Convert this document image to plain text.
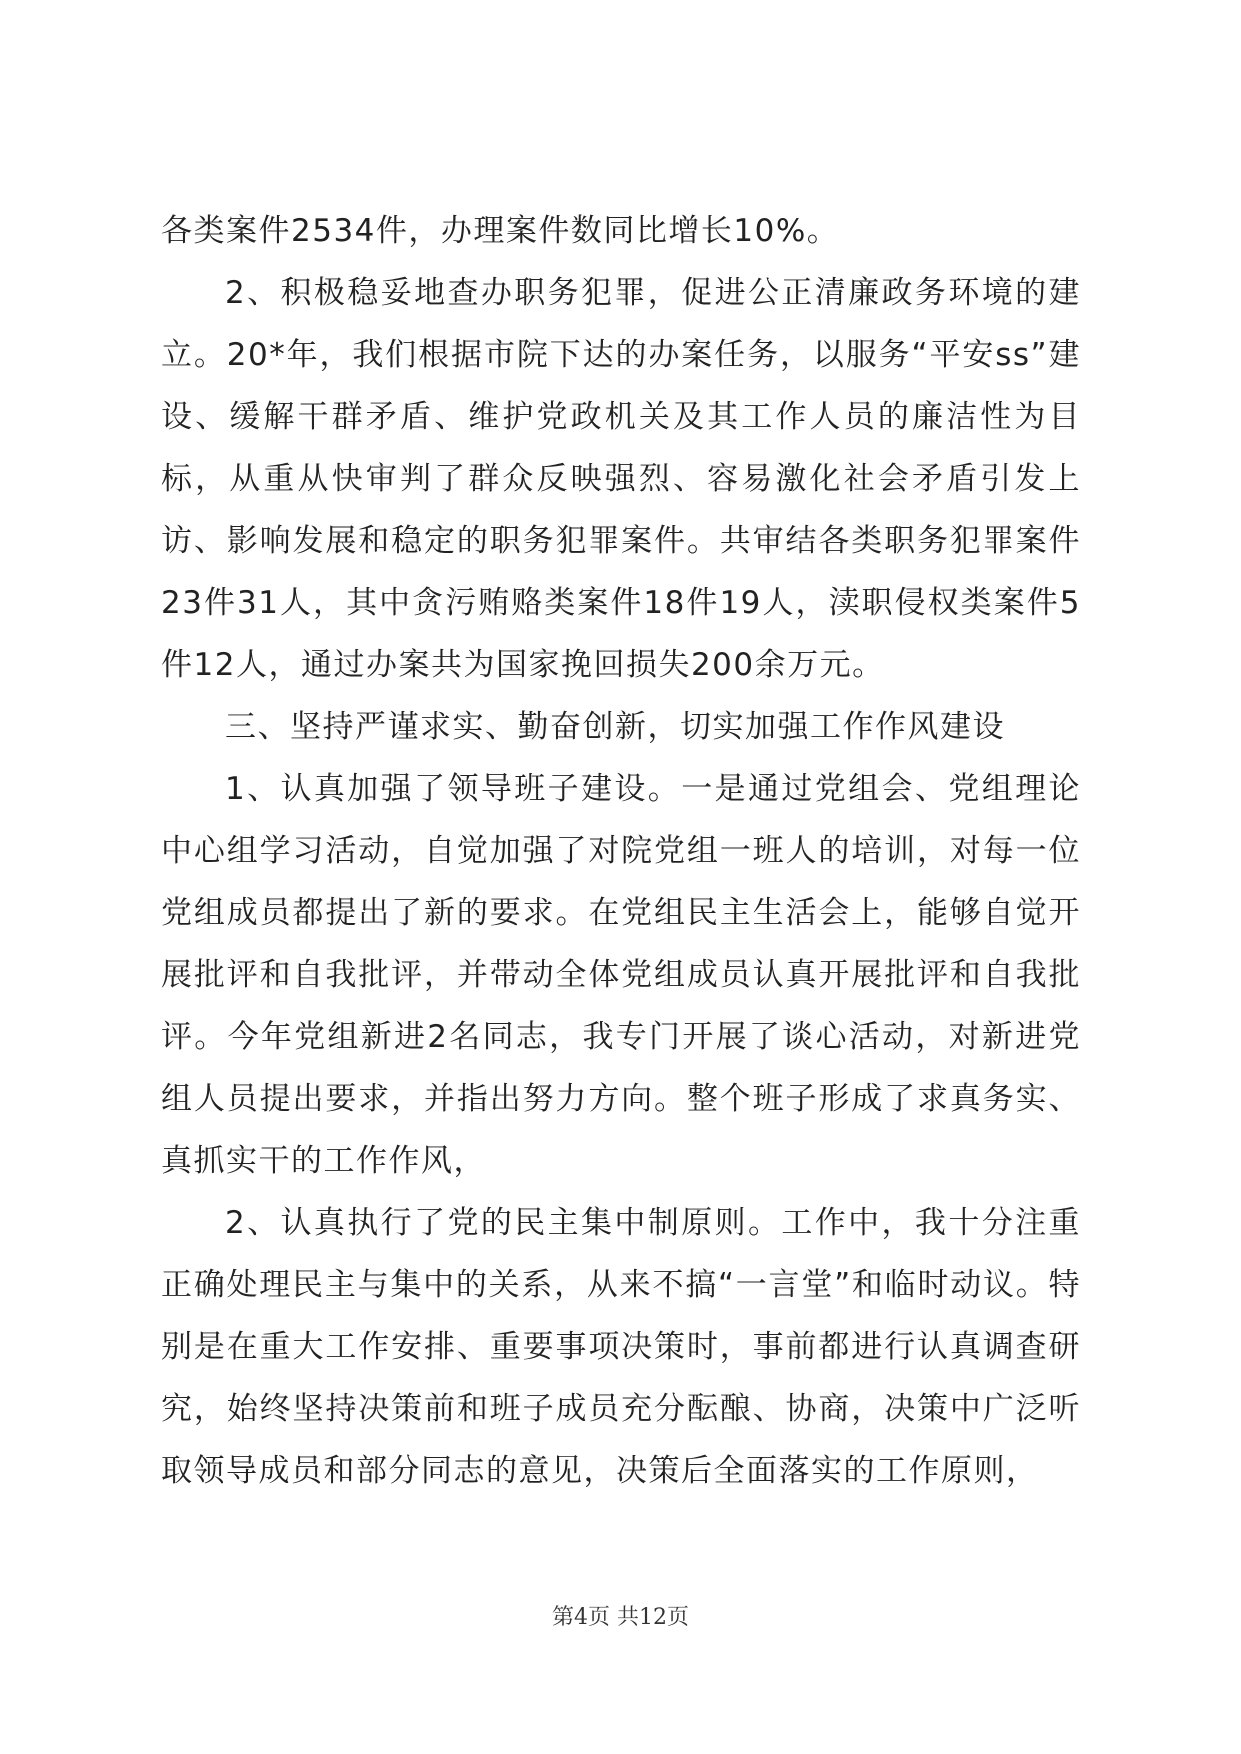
各类案件2534件，办理案件数同比增长10%。

2、积极稳妥地查办职务犯罪，促进公正清廉政务环境的建立。20*年，我们根据市院下达的办案任务，以服务“平安ss”建设、缓解干群矛盾、维护党政机关及其工作人员的廉洁性为目标，从重从快审判了群众反映强烈、容易激化社会矛盾引发上访、影响发展和稳定的职务犯罪案件。共审结各类职务犯罪案件23件31人，其中贪污贿赂类案件18件19人，渎职侵权类案件5件12人，通过办案共为国家挽回损失200余万元。

三、坚持严谨求实、勤奋创新，切实加强工作作风建设

1、认真加强了领导班子建设。一是通过党组会、党组理论中心组学习活动，自觉加强了对院党组一班人的培训，对每一位党组成员都提出了新的要求。在党组民主生活会上，能够自觉开展批评和自我批评，并带动全体党组成员认真开展批评和自我批评。今年党组新进2名同志，我专门开展了谈心活动，对新进党组人员提出要求，并指出努力方向。整个班子形成了求真务实、真抓实干的工作作风，

2、认真执行了党的民主集中制原则。工作中，我十分注重正确处理民主与集中的关系，从来不搞“一言堂”和临时动议。特别是在重大工作安排、重要事项决策时，事前都进行认真调查研究，始终坚持决策前和班子成员充分酝酿、协商，决策中广泛听取领导成员和部分同志的意见，决策后全面落实的工作原则，

第4页 共12页
